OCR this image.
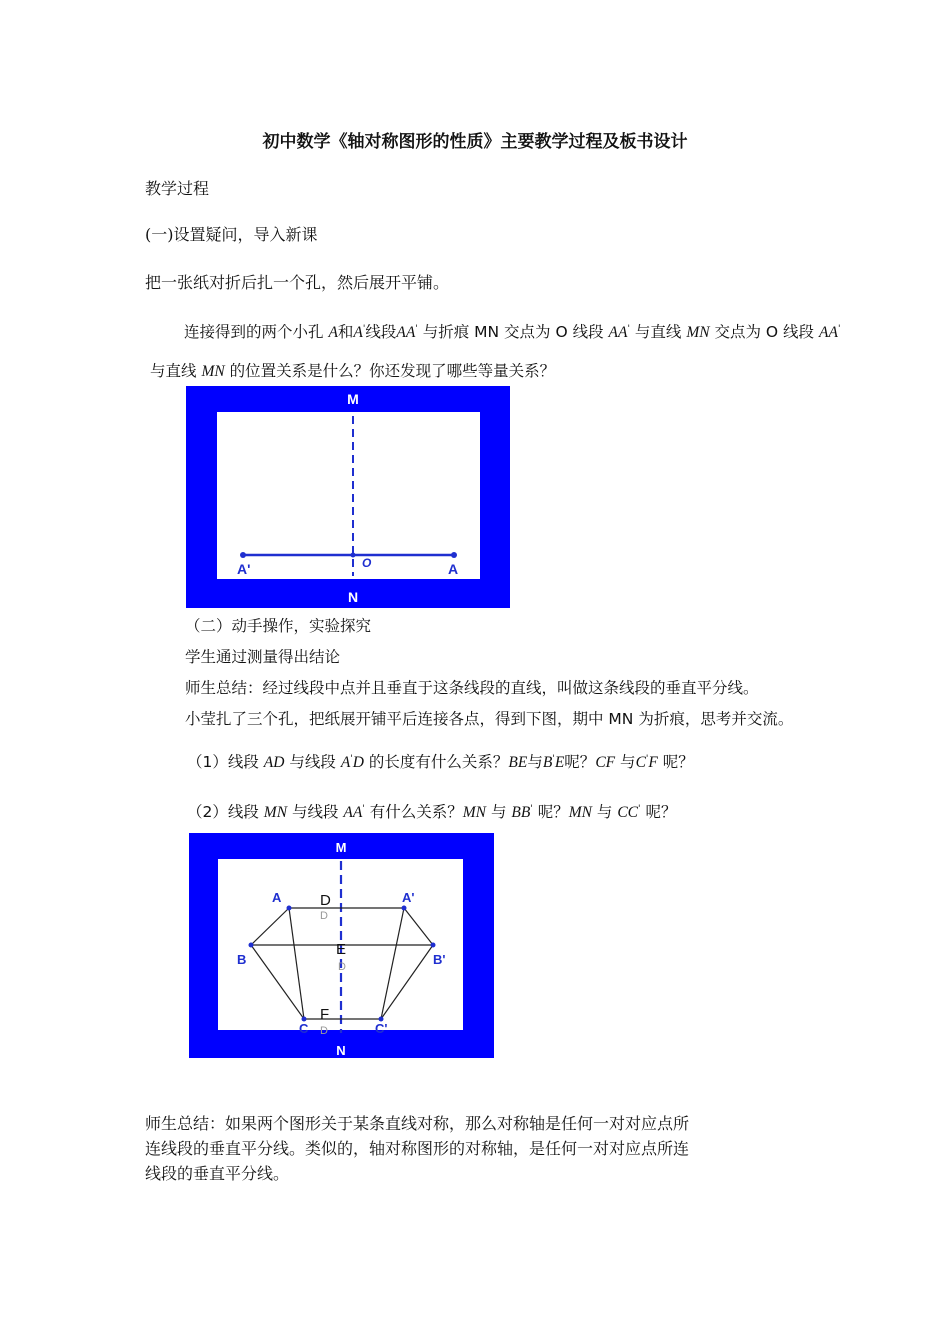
初中数学《轴对称图形的性质》主要教学过程及板书设计
教学过程
(一)设置疑问，导入新课
把一张纸对折后扎一个孔，然后展开平铺。
连接得到的两个小孔 A和A'线段AA' 与折痕 MN 交点为 O 线段 AA' 与直线 MN 交点为 O 线段 AA'
与直线 MN 的位置关系是什么？你还发现了哪些等量关系？
M
N
O
A'	A
（二）动手操作，实验探究
学生通过测量得出结论
师生总结：经过线段中点并且垂直于这条线段的直线，叫做这条线段的垂直平分线。
小莹扎了三个孔，把纸展开铺平后连接各点，得到下图，期中 MN 为折痕，思考并交流。
（1）线段 AD 与线段 A'D 的长度有什么关系？BE与B'E呢？CF 与C'F 呢？
（2）线段 MN 与线段 AA' 有什么关系？MN 与 BB' 呢？MN 与 CC' 呢？
M
N
A	A'
B	B'
C	C'
D
D
E
D
F
D
师生总结：如果两个图形关于某条直线对称，那么对称轴是任何一对对应点所
连线段的垂直平分线。类似的，轴对称图形的对称轴，是任何一对对应点所连
线段的垂直平分线。
